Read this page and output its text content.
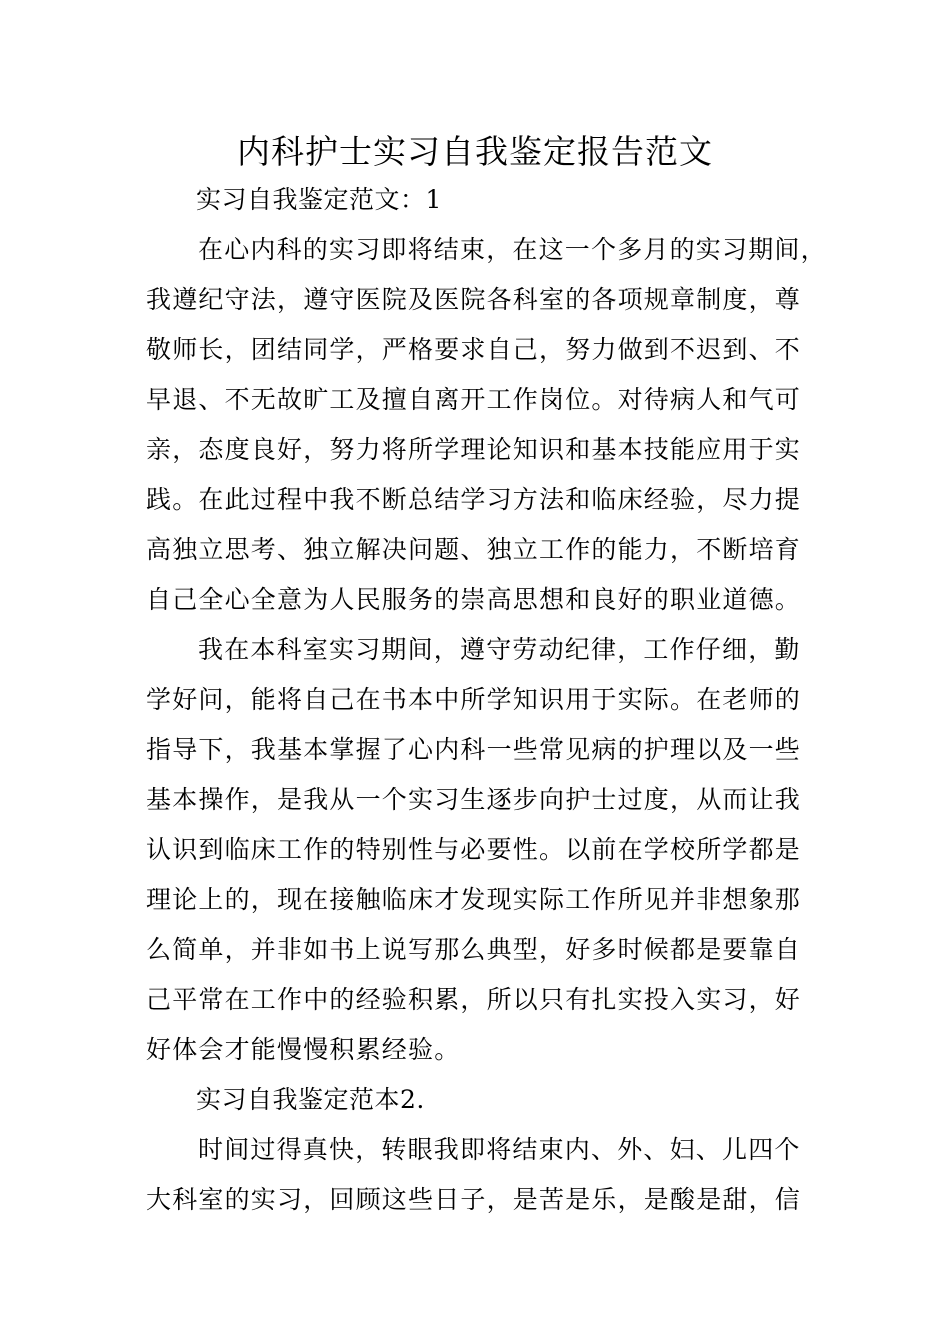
内科护士实习自我鉴定报告范文
实习自我鉴定范文：1
在心内科的实习即将结束，在这一个多月的实习期间，
我遵纪守法，遵守医院及医院各科室的各项规章制度，尊
敬师长，团结同学，严格要求自己，努力做到不迟到、不
早退、不无故旷工及擅自离开工作岗位。对待病人和气可
亲，态度良好，努力将所学理论知识和基本技能应用于实
践。在此过程中我不断总结学习方法和临床经验，尽力提
高独立思考、独立解决问题、独立工作的能力，不断培育
自己全心全意为人民服务的崇高思想和良好的职业道德。
我在本科室实习期间，遵守劳动纪律，工作仔细，勤
学好问，能将自己在书本中所学知识用于实际。在老师的
指导下，我基本掌握了心内科一些常见病的护理以及一些
基本操作，是我从一个实习生逐步向护士过度，从而让我
认识到临床工作的特别性与必要性。以前在学校所学都是
理论上的，现在接触临床才发现实际工作所见并非想象那
么简单，并非如书上说写那么典型，好多时候都是要靠自
己平常在工作中的经验积累，所以只有扎实投入实习，好
好体会才能慢慢积累经验。
实习自我鉴定范本2.
时间过得真快，转眼我即将结束内、外、妇、儿四个
大科室的实习，回顾这些日子，是苦是乐，是酸是甜，信
